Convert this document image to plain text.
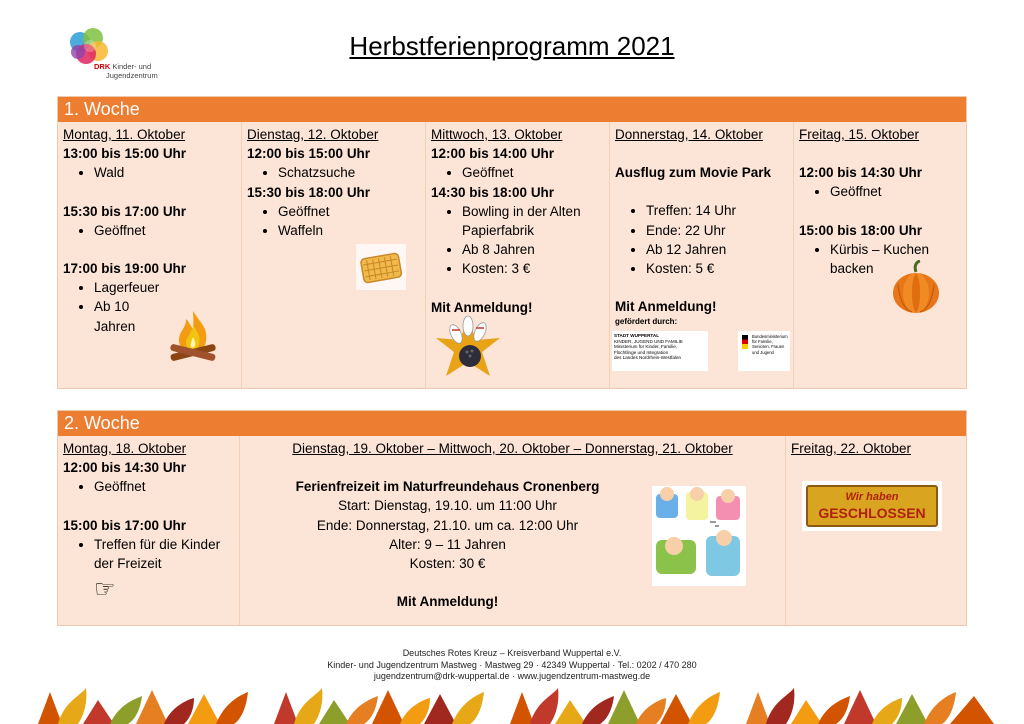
DRK Kinder- und
Jugendzentrum
Herbstferienprogramm 2021
1. Woche
Montag, 11. Oktober
13:00 bis 15:00 Uhr
• Wald
15:30 bis 17:00 Uhr
• Geöffnet
17:00 bis 19:00 Uhr
• Lagerfeuer
• Ab 10
Jahren
Dienstag, 12. Oktober
12:00 bis 15:00 Uhr
• Schatzsuche
15:30 bis 18:00 Uhr
• Geöffnet
• Waffeln
Mittwoch, 13. Oktober
12:00 bis 14:00 Uhr
• Geöffnet
14:30 bis 18:00 Uhr
• Bowling in der Alten
Papierfabrik
• Ab 8 Jahren
• Kosten: 3 €
Mit Anmeldung!
Donnerstag, 14. Oktober
Ausflug zum Movie Park
• Treffen: 14 Uhr
• Ende: 22 Uhr
• Ab 12 Jahren
• Kosten: 5 €
Mit Anmeldung!
gefördert durch:
STADT WUPPERTAL
KINDER, JUGEND UND FAMILIE
Ministerium für Kinder, Familie,
Flüchtlinge und Integration
des Landes Nordrhein-Westfalen
Bundesministerium
für Familie, Senioren, Frauen
und Jugend
Freitag, 15. Oktober
12:00 bis 14:30 Uhr
• Geöffnet
15:00 bis 18:00 Uhr
• Kürbis – Kuchen
backen
2. Woche
Montag, 18. Oktober
12:00 bis 14:30 Uhr
• Geöffnet
15:00 bis 17:00 Uhr
• Treffen für die Kinder
der Freizeit
☞
Dienstag, 19. Oktober – Mittwoch, 20. Oktober – Donnerstag, 21. Oktober
Ferienfreizeit im Naturfreundehaus Cronenberg
Start: Dienstag, 19.10. um 11:00 Uhr
Ende: Donnerstag, 21.10. um ca. 12:00 Uhr
Alter: 9 – 11 Jahren
Kosten: 30 €
Mit Anmeldung!
Freitag, 22. Oktober
Wir haben
GESCHLOSSEN
Deutsches Rotes Kreuz – Kreisverband Wuppertal e.V.
Kinder- und Jugendzentrum Mastweg · Mastweg 29 · 42349 Wuppertal · Tel.: 0202 / 470 280
jugendzentrum@drk-wuppertal.de · www.jugendzentrum-mastweg.de
